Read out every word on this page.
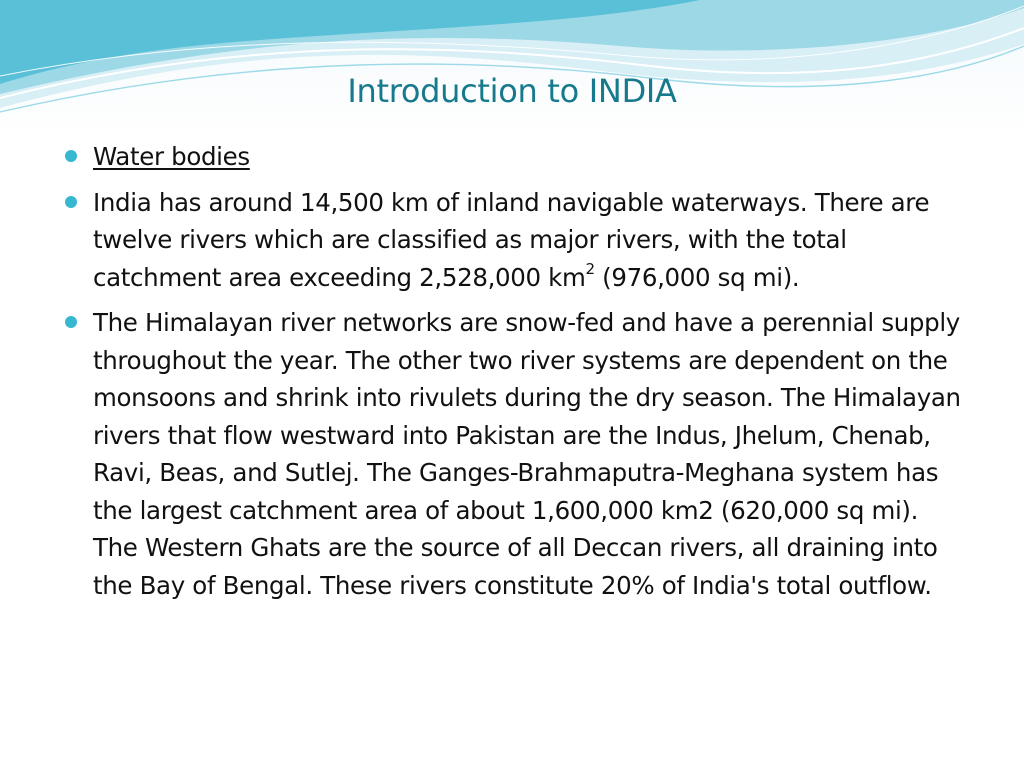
Introduction to INDIA
Water bodies
India has around 14,500 km of inland navigable waterways. There are twelve rivers which are classified as major rivers, with the total catchment area exceeding 2,528,000 $km^2$ (976,000 sq mi).
The Himalayan river networks are snow-fed and have a perennial supply throughout the year. The other two river systems are dependent on the monsoons and shrink into rivulets during the dry season. The Himalayan rivers that flow westward into Pakistan are the Indus, Jhelum, Chenab, Ravi, Beas, and Sutlej. The Ganges-Brahmaputra-Meghana system has the largest catchment area of about 1,600,000 km2 (620,000 sq mi). The Western Ghats are the source of all Deccan rivers, all draining into the Bay of Bengal. These rivers constitute 20% of India's total outflow.
